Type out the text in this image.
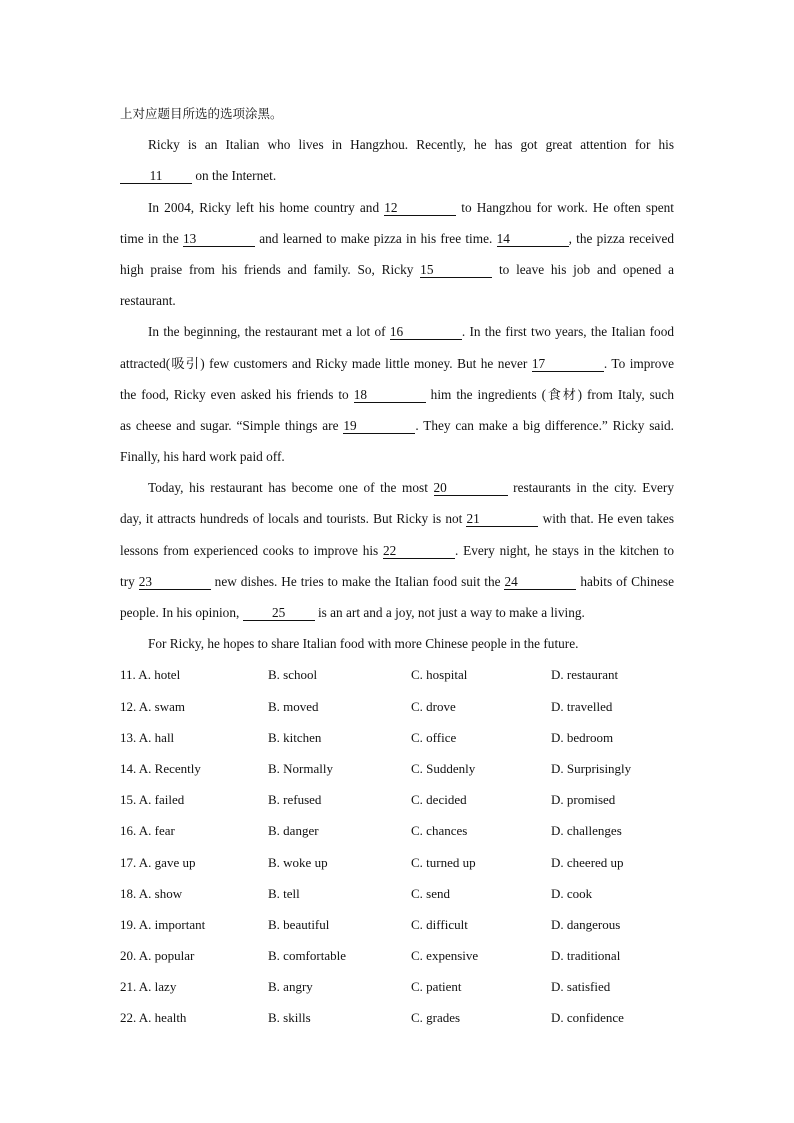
上对应题目所选的选项涂黑。
Ricky is an Italian who lives in Hangzhou. Recently, he has got great attention for his
11 on the Internet.
In 2004, Ricky left his home country and 12	to Hangzhou for work. He often spent
time in the 13	and learned to make pizza in his free time. 14	, the pizza received
high praise from his friends and family. So, Ricky 15	to leave his job and opened a
restaurant.
In the beginning, the restaurant met a lot of 16	. In the first two years, the Italian food
attracted(吸引) few customers and Ricky made little money. But he never 17	. To improve
the food, Ricky even asked his friends to 18	him the ingredients (食材) from Italy, such
as cheese and sugar. “Simple things are 19	. They can make a big difference.” Ricky said.
Finally, his hard work paid off.
Today, his restaurant has become one of the most 20	restaurants in the city. Every
day, it attracts hundreds of locals and tourists. But Ricky is not 21	with that. He even takes
lessons from experienced cooks to improve his 22	. Every night, he stays in the kitchen to
try 23	new dishes. He tries to make the Italian food suit the 24	habits of Chinese
people. In his opinion, 25 is an art and a joy, not just a way to make a living.
For Ricky, he hopes to share Italian food with more Chinese people in the future.
11. A. hotel	B. school	C. hospital	D. restaurant
12. A. swam	B. moved	C. drove	D. travelled
13. A. hall	B. kitchen	C. office	D. bedroom
14. A. Recently	B. Normally	C. Suddenly	D. Surprisingly
15. A. failed	B. refused	C. decided	D. promised
16. A. fear	B. danger	C. chances	D. challenges
17. A. gave up	B. woke up	C. turned up	D. cheered up
18. A. show	B. tell	C. send	D. cook
19. A. important	B. beautiful	C. difficult	D. dangerous
20. A. popular	B. comfortable	C. expensive	D. traditional
21. A. lazy	B. angry	C. patient	D. satisfied
22. A. health	B. skills	C. grades	D. confidence
